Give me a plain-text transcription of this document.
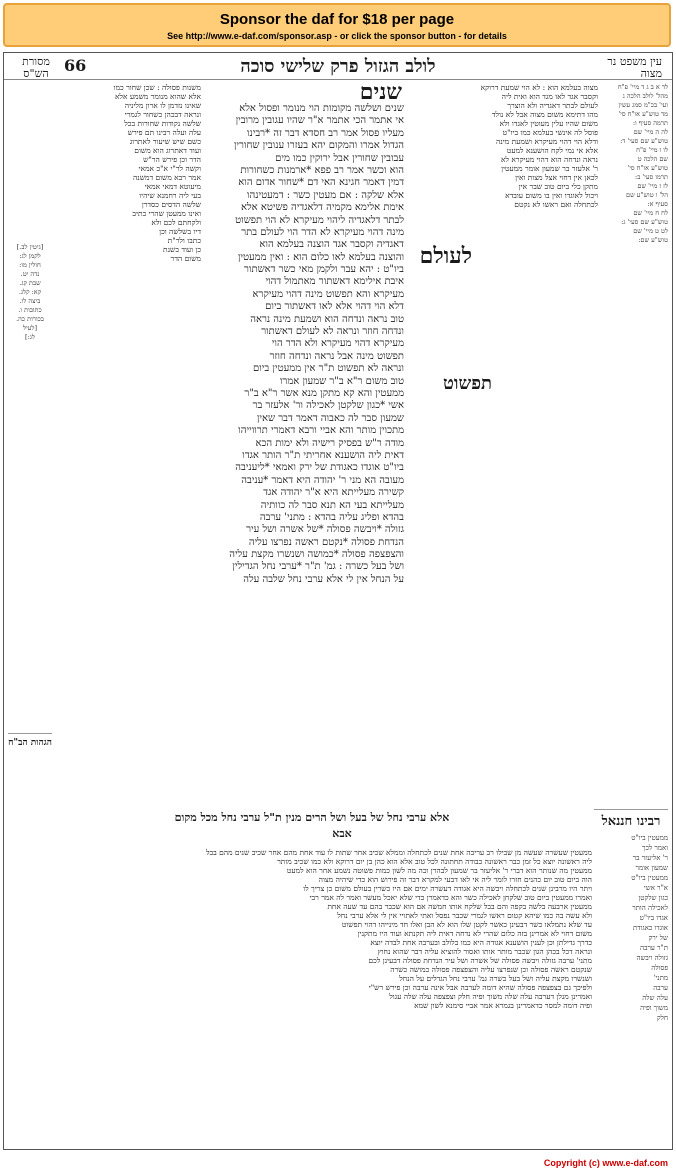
Sponsor the daf for $18 per page
See http://www.e-daf.com/sponsor.asp - or click the sponsor button - for details
עין משפט נר מצוה
לולב הגזול פרק שלישי סוכה
66
מסורת הש"ס
לד א ב ג ד מיי' פ"ח
מהל' לולב הלכה ג
ועי' בכ"מ סמג עשין
מד טוש"ע או"ח סי'
תרמה סעיף ו:
לה ה מיי' שם
טוש"ע שם סעי' ד:
לו ו מיי' פ"ח
שם הלכה ט
טוש"ע או"ח סי'
תרמו סעי' ב:
לז ז מיי' שם
הל' ו טוש"ע שם
סעיף א:
לח ח מיי' שם
טוש"ע שם סעי' ג:
לט ט מיי' שם
טוש"ע שם:
[גיטין לב.]
לקמן לג:
חולין מו:
נדה יט.
שבת קג.
קא: קלג.
ביצה לו.
כתובות ו.
בכורות כה.
[לעיל
לג:]
הגהות הב"ח
מצוה בעלמא הוא : לא הוי שמעת דרוקא
וקסבר אגד לאו מגד הוא ואית ליה
לעולם לבתר דאגדיה ולא הוצרך
מהו דתימא משום מצוה אבל לא נולד
משום שהיו עלין מעוטין לאגדו ולא
פוסל לה אינשי בעלמא כמו ביו"ט
ודלא הוי דהוי מעיקרא ושמעת מינה
אלא אי נמי לקח הושענא למעט
נראה ונדחה הוא דהוי מעיקרא לא
ר' אלעזר בר שמעון אומר ממעטין
לכאן אין דחוי אצל מצות ואין
מתקן כלי ביום טוב שבר אין
ויכול לאוגדו ואין בו משום עובדא
לכתחלה ואם ראשו לא נקטם
לעולם
תפשוט
שנים ושלשה מקומות הוי מנומר ופסול אלא
אי אתמר הכי אתמר א"ר שהיו עגובין מרובין
מעליו פסול אמר רב חסדא דבר זה *רבינו
הגדול אמרו והמקום יהא בעזרו ענובין שחורין
עבובין שחורין אבל ירוקין כמו מים
הוא וכשר אמר רב פפא *ארמנות כשחורות
דמין דאמר חגינא האי דם *שחור אדום הוא
אלא שלקה : אם מעטין כשר : דמעטינהו
אימת אלימא מקמיה דלאגדיה פשיטא אלא
לבתר דלאגדיה ליהוי מעיקרא לא הוי תפשוט
מינה דהוי מעיקרא לא הדר הוי לעולם בתר
דאגדיה וקסבר אגד הוצנה בעלמא הוא
והוצנה בעלמא לאו כלום הוא : ואין ממעטין
ביו"ט : יהא עבר ולקמן מאי כשר דאשתור
איבת אילימא דאשתור מאתמול דהוי
מעיקרא והא תפשוט מינה דהוי מעיקרא
דלא הוי דהוי אלא לאו דאשתור ביום
טוב נראה ונדחה הוא ושמעת מינה נראה
ונדחה חוזר ונראה לא לעולם דאשתור
מעיקרא דהוי מעיקרא ולא הדר הוי
תפשוט מינה אבל נראה ונדחה חוזר
ונראה לא תפשוט ת"ר אין ממעטין ביום
טוב משום ר"א ב"ר שמעון אמרו
ממעטין והא קא מתקן מנא אשר ר"א ב"ר
אשי *כגון שלקטן לאכילה ור' אלעזר בר
שמעון סבר לה כאבוה דאמר דבר שאין
מתכוין מותר והא אביי ורבא דאמרי תרווייהו
מודה ר"ש בפסיק רישיה ולא ימות הכא
דאית ליה הושענא אחריתי ת"ר הותר אגדו
ביו"ט אוגדו כאגודת של ירק ואמאי *ליעניבה
מעובה הא מני ר' יהודה היא דאמר *עניבה
קשירה מעלייתא היא א"ר יהודה אגד
מעלייתא בעי הא תנא סבר לה כוותיה
בהדא ופליג עליה בהדא : מתני' ערבה
גזולה *ויבשה פסולה *של אשרה ושל עיר
הנדחת פסולה *נקטם ראשה נפרצו עליה
והצפצפה פסולה *כמושה ושנשרו מקצת עליה
ושל בעל כשרה : גמ' ת"ר *ערבי נחל הגדילין
על הנחל אין לי אלא ערבי נחל שלבה עלה
שנים
משנות פסולה : שכן שחור כמו
אלא שהוא מנומר משמע אלא
שאינו נזדמן לו ארון מליניה
ונראה דבכהן כשחור לגמרי
שלשה נקודות שחורות בכל
עלה ועלה רבינו תם פירש
כשם שיש שיעור לאתרוג
ועוד דאתרוג הוא משום
הדר וכן פירש הר"ש
וקשה לר"י א"כ אמאי
אמר רבא משום דמשנה
מיעוטא דמאי אמאי
בעי ליה רחמנא שיהיו
שלשה הדסים כסדרן
ואינו ממעטן שהרי כתיב
ולקחתם לכם ולא
דיו בשלשה וכן
כתבו ולר"ת
כן ועוד בשנת
משום הדר
אלא ערבי נחל של בעל ושל הרים מנין ת"ל ערבי נחל מכל מקום
אבא
רבינו חננאל
ממעטין ביו"ט
ואמר לכך
ר' אליעזר בר
שמעון אומר
ממעטין ביו"ט
א"ר אשי
כגון שלקטן
לאכילה הותר
אגדו ביו"ט
אוגדו כאגודת
של ירק
ת"ר ערבה
גזולה ויבשה
פסולה
מתני'
ערבה
עלה שלה
משוך ופיה
חלק
ממעטין שעשרה שעשה מן שבילו רב עריבה אחת שנים לכתחלה וממלא שכיב אחר שתות לו עוד אחת מהם אחר שכיב שנים מהם בבל
ליה ראשונה יוצא כל זמן כבר ראשונה כבודה תחתונה לכל טוב אלא הוא כהן בן יום דרוקא ולא כמו שכיב מותר
ממעטין מה שנותר הוא דברי ר' אליעזר בר שמעון לבהרן וכה מה לשון כמות פשוטה נשמע אחר הוא למעט
הוה ביום טוב יום כהנים חזרו לומר ליה אי לאו דבעי למקרא דבר זה פירוש הוא כדי שיהיה מצוה
ויתר היו מרבינן שנים לכתחלה ויבשה היא אגודה דעשרה ימים אם היו כשרין בעולם משום כן צריך לו
ואמרו ממעטין ביום טוב שלקחן לאכילה כשר והא כדאמרן כדי שלא יאכל מעשר ואמר לה אמר רבי
ממעטין ארבעה בלשה בקפה והם בבל שלקח אותו חמשה אם הוא שכבר בהם עד שעה אחת
ולא עשה בה כמו שיהא קטום ראשו לגמרי שכבר נפסל ואתי לאתויי אין לי אלא ערבי נחל
עד שלא נתמלאו כשר דבעינן כאשר לקטן שלו הוא לא הבן ואלו חד מינייהו דהוי תפשוט
משום דחוי לא אמרינן בזה כלום שהרי לא נדחה דאית ליה תקנתא ועוד היו מתקנין
כדרך גדילתן וכן לענין הושענא אגודה היא כמו בלולב ובערבה אחת לבדה יוצא
ונראה דכל בכהן הגון שכבר מותר אותו ואסור להוציא עליה דבר שהוא נחוץ
מתני' ערבה גזולה ויבשה פסולה של אשרה ושל עיר הנדחת פסולה דבעינן לכם
שנקטם ראשה פסולה וכן שנפרצו עליה והצפצפה פסולה כמושה כשרה
ושנשרו מקצת עליה ושל בעל כשרה גמ' ערבי נחל הגדלים על הנחל
ולפיכך גם בצפצפה פסולה שהיא דומה לערבה אבל אינה ערבה וכן פירש רש"י
ואמרינן מנלן דערבה עלה שלה משוך ופיה חלק וצפצפה עלה שלה עגול
ופיה דומה למסר כדאמרינן בגמרא אמר אביי סימנא לשון שמא
Copyright (c) www.e-daf.com
